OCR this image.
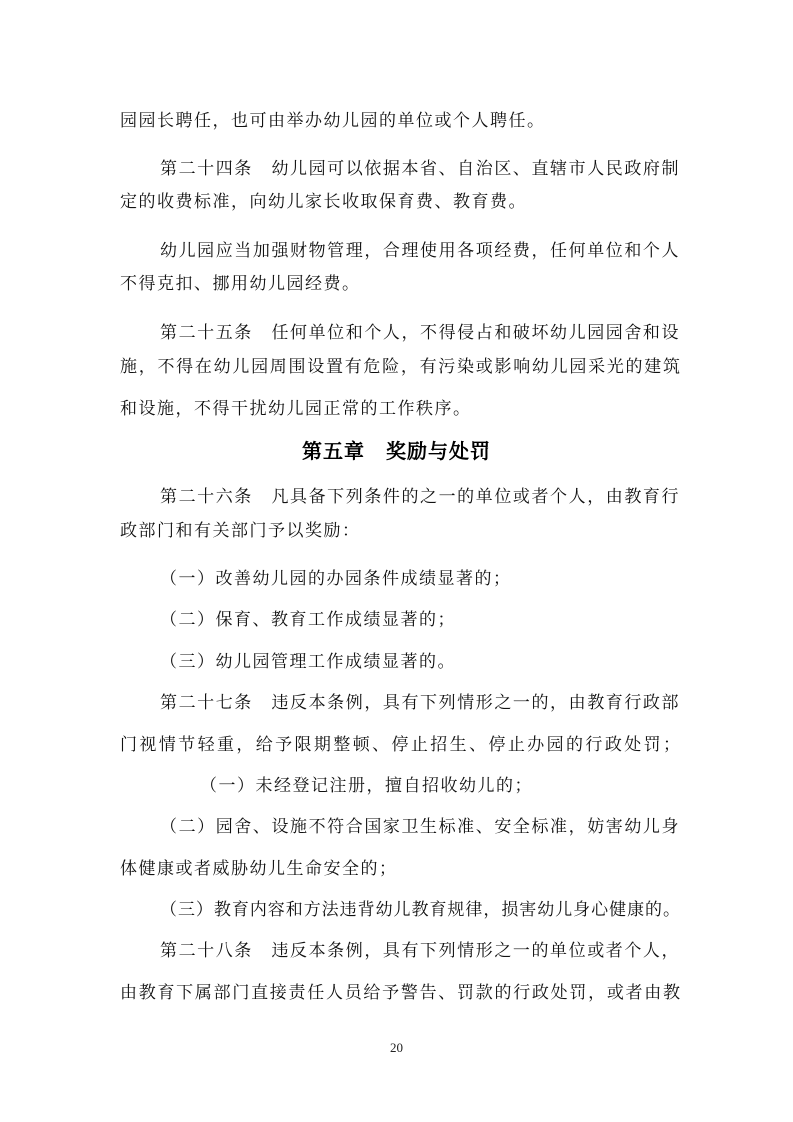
园园长聘任，也可由举办幼儿园的单位或个人聘任。
第二十四条　幼儿园可以依据本省、自治区、直辖市人民政府制
定的收费标准，向幼儿家长收取保育费、教育费。
幼儿园应当加强财物管理，合理使用各项经费，任何单位和个人
不得克扣、挪用幼儿园经费。
第二十五条　任何单位和个人，不得侵占和破坏幼儿园园舍和设
施，不得在幼儿园周围设置有危险，有污染或影响幼儿园采光的建筑
和设施，不得干扰幼儿园正常的工作秩序。
第五章　奖励与处罚
第二十六条　凡具备下列条件的之一的单位或者个人，由教育行
政部门和有关部门予以奖励：
（一）改善幼儿园的办园条件成绩显著的；
（二）保育、教育工作成绩显著的；
（三）幼儿园管理工作成绩显著的。
第二十七条　违反本条例，具有下列情形之一的，由教育行政部
门视情节轻重，给予限期整顿、停止招生、停止办园的行政处罚；
（一）未经登记注册，擅自招收幼儿的；
（二）园舍、设施不符合国家卫生标准、安全标准，妨害幼儿身
体健康或者威胁幼儿生命安全的；
（三）教育内容和方法违背幼儿教育规律，损害幼儿身心健康的。
第二十八条　违反本条例，具有下列情形之一的单位或者个人，
由教育下属部门直接责任人员给予警告、罚款的行政处罚，或者由教
20
